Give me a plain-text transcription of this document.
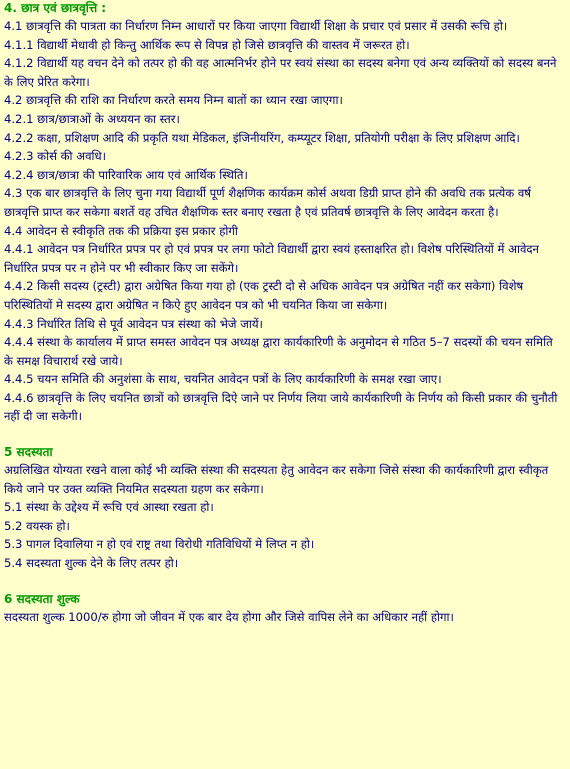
4. छात्र एवं छात्रवृत्ति :

4.1 छात्रवृत्ति की पात्रता का निर्धारण निम्न आधारों पर किया जाएगा विद्यार्थी शिक्षा के प्रचार एवं प्रसार में उसकी रूचि हो।

4.1.1 विद्यार्थी मेधावी हो किन्तु आर्थिक रूप से विपन्न हो जिसे छात्रवृत्ति की वास्तव में जरूरत हो।

4.1.2 विद्यार्थी यह वचन देने को तत्पर हो की वह आत्मनिर्भर होने पर स्वयं संस्था का सदस्य बनेगा एवं अन्य व्यक्तियों को सदस्य बनने के लिए प्रेरित करेगा।

4.2 छात्रवृत्ति की राशि का निर्धारण करते समय निम्न बातों का ध्यान रखा जाएगा।

4.2.1 छात्र/छात्राओं के अध्ययन का स्तर।

4.2.2 कक्षा, प्रशिक्षण आदि की प्रकृति यथा मेडिकल, इंजिनीयरिंग, कम्प्यूटर शिक्षा, प्रतियोगी परीक्षा के लिए प्रशिक्षण आदि।

4.2.3 कोर्स की अवधि।

4.2.4 छात्र/छात्रा की पारिवारिक आय एवं आर्थिक स्थिति।

4.3 एक बार छात्रवृत्ति के लिए चुना गया विद्यार्थी पूर्ण शैक्षणिक कार्यक्रम कोर्स अथवा डिग्री प्राप्त होने की अवधि तक प्रत्येक वर्ष छात्रवृत्ति प्राप्त कर सकेगा बशर्ते वह उचित शैक्षणिक स्तर बनाए रखता है एवं प्रतिवर्ष छात्रवृत्ति के लिए आवेदन करता है।

4.4 आवेदन से स्वीकृति तक की प्रक्रिया इस प्रकार होगी

4.4.1 आवेदन पत्र निर्धारित प्रपत्र पर हो एवं प्रपत्र पर लगा फोटो विद्यार्थी द्वारा स्वयं हस्ताक्षरित हो। विशेष परिस्थितियों में आवेदन निर्धारित प्रपत्र पर न होने पर भी स्वीकार किए जा सकेंगे।

4.4.2 किसी सदस्य (ट्रस्टी) द्वारा अग्रेषित किया गया हो (एक ट्रस्टी दो से अधिक आवेदन पत्र अग्रेषित नहीं कर सकेगा) विशेष परिस्थितियों मे सदस्य द्वारा अग्रेषित न किऐ हुए आवेदन पत्र को भी चयनित किया जा सकेगा।

4.4.3 निर्धारित तिथि से पूर्व आवेदन पत्र संस्था को भेजे जायें।

4.4.4 संस्था के कार्यालय में प्राप्त समस्त आवेदन पत्र अध्यक्ष द्वारा कार्यकारिणी के अनुमोदन से गठित 5–7 सदस्यों की चयन समिति के समक्ष विचारार्थ रखे जाये।

4.4.5 चयन समिति की अनुशंसा के साथ, चयनित आवेदन पत्रों के लिए कार्यकारिणी के समक्ष रखा जाए।

4.4.6 छात्रवृत्ति के लिए चयनित छात्रों को छात्रवृत्ति दिऐ जाने पर निर्णय लिया जाये कार्यकारिणी के निर्णय को किसी प्रकार की चुनौती नहीं दी जा सकेगी।

5 सदस्यता

अग्रलिखित योग्यता रखने वाला कोई भी व्यक्ति संस्था की सदस्यता हेतु आवेदन कर सकेगा जिसे संस्था की कार्यकारिणी द्वारा स्वीकृत किये जाने पर उक्त व्यक्ति नियमित सदस्यता ग्रहण कर सकेगा।

5.1 संस्था के उद्देश्य में रूचि एवं आस्था रखता हो।

5.2 वयस्क हो।

5.3 पागल दिवालिया न हो एवं राष्ट्र तथा विरोधी गतिविधियों मे लिप्त न हो।

5.4 सदस्यता शुल्क देने के लिए तत्पर हो।

6 सदस्यता शुल्क

सदस्यता शुल्क 1000/रु होगा जो जीवन में एक बार देय होगा और जिसे वापिस लेने का अधिकार नहीं होगा।
